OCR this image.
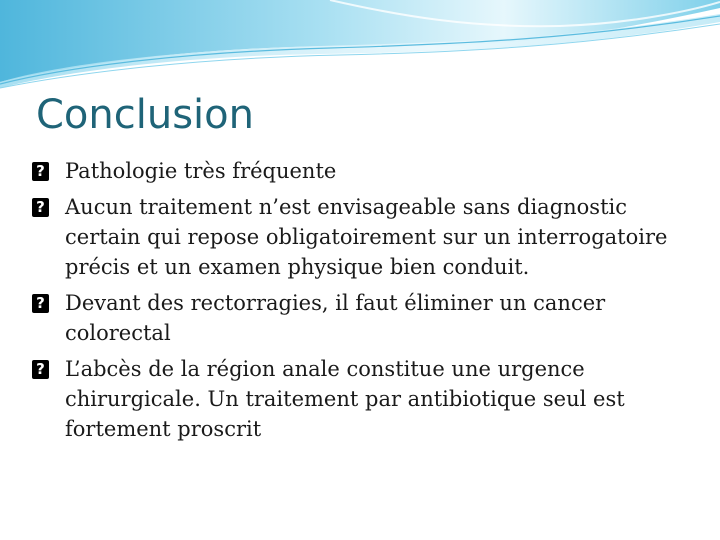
Conclusion
? Pathologie très fréquente
? Aucun traitement n’est envisageable sans diagnostic certain qui repose obligatoirement sur un interrogatoire précis et un examen physique bien conduit.
? Devant des rectorragies, il faut éliminer un cancer colorectal
? L’abcès de la région anale constitue une urgence chirurgicale. Un traitement par antibiotique seul est fortement proscrit
